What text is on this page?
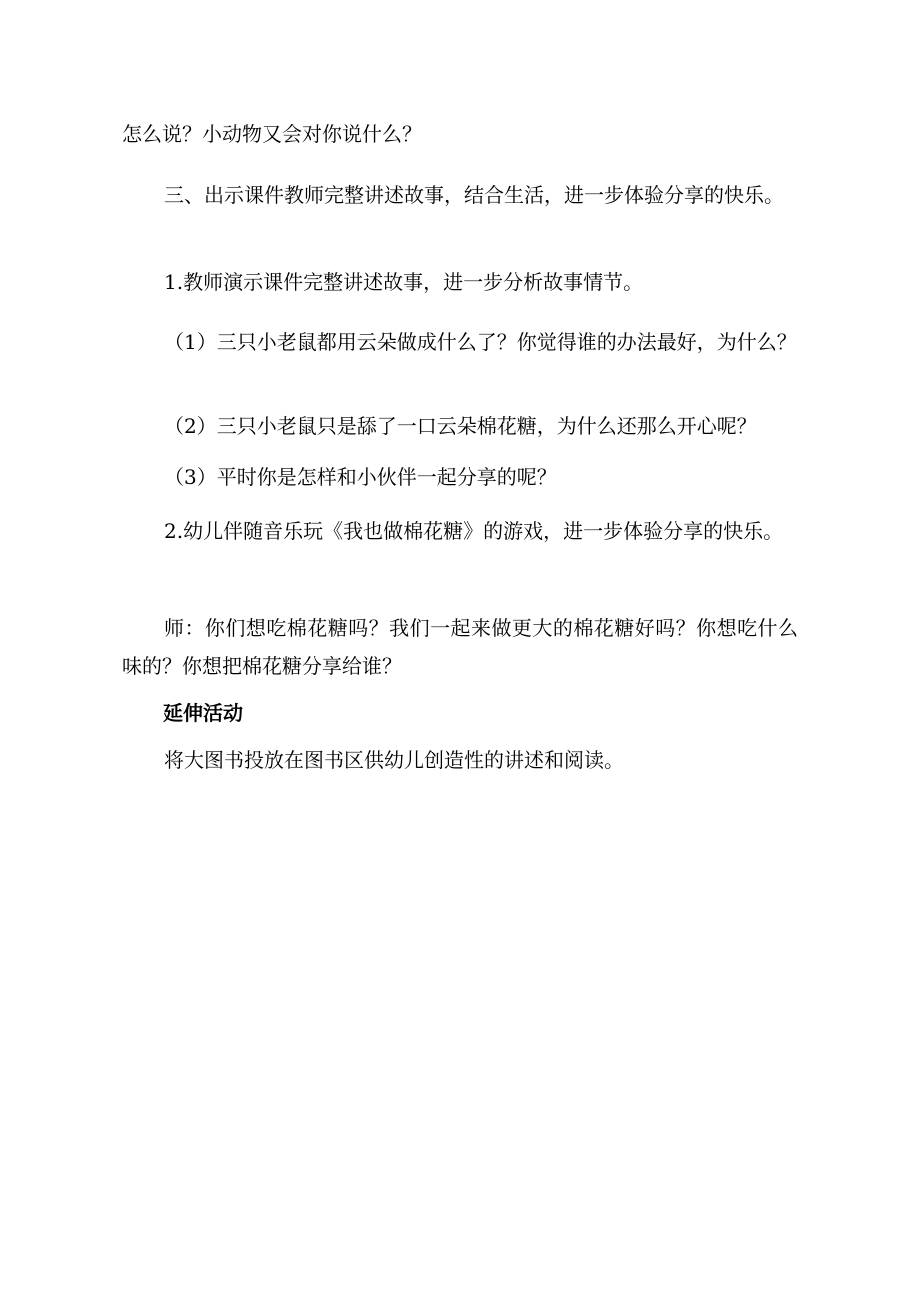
怎么说？小动物又会对你说什么？

三、出示课件教师完整讲述故事，结合生活，进一步体验分享的快乐。

1.教师演示课件完整讲述故事，进一步分析故事情节。

（1）三只小老鼠都用云朵做成什么了？你觉得谁的办法最好，为什么？

（2）三只小老鼠只是舔了一口云朵棉花糖，为什么还那么开心呢？

（3）平时你是怎样和小伙伴一起分享的呢？

2.幼儿伴随音乐玩《我也做棉花糖》的游戏，进一步体验分享的快乐。

师：你们想吃棉花糖吗？我们一起来做更大的棉花糖好吗？你想吃什么味的？你想把棉花糖分享给谁？

延伸活动

将大图书投放在图书区供幼儿创造性的讲述和阅读。
